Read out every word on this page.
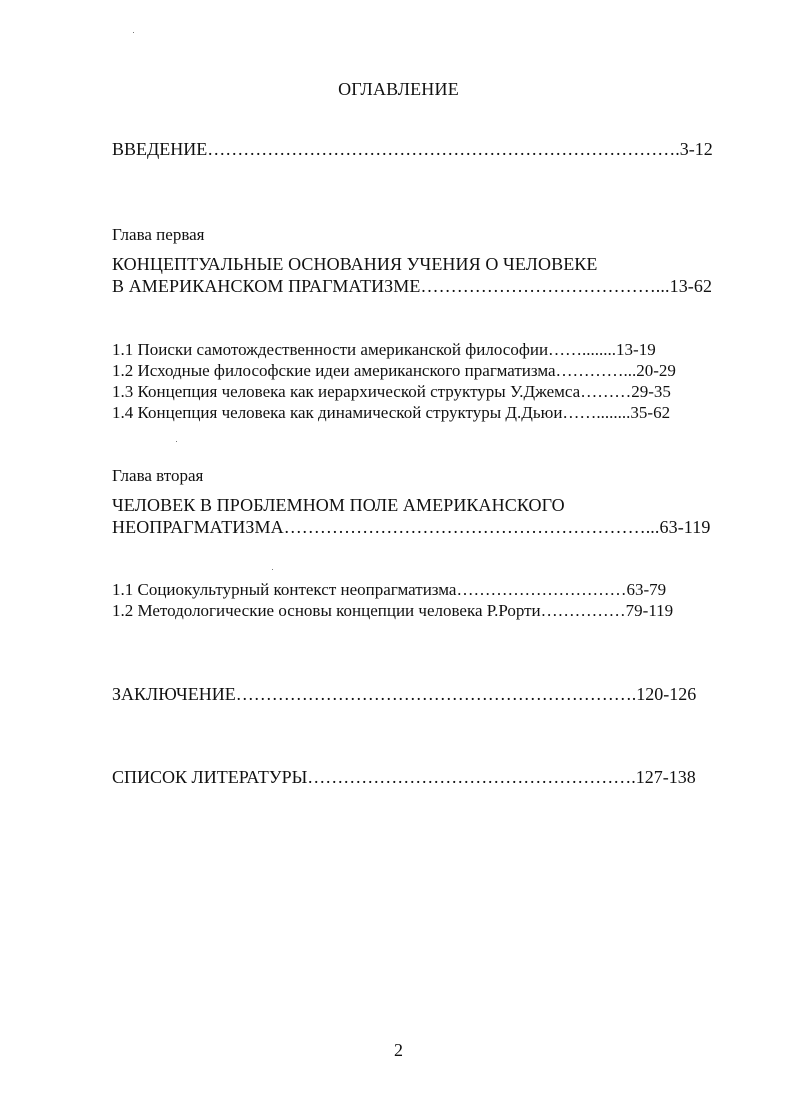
ОГЛАВЛЕНИЕ
ВВЕДЕНИЕ…………………………………………………………………….3-12
Глава первая
КОНЦЕПТУАЛЬНЫЕ ОСНОВАНИЯ УЧЕНИЯ О ЧЕЛОВЕКЕ
В АМЕРИКАНСКОМ ПРАГМАТИЗМЕ…………………………………...13-62
1.1 Поиски самотождественности американской философии……........13-19
1.2 Исходные философские идеи американского прагматизма…………...20-29
1.3 Концепция человека как иерархической структуры У.Джемса………29-35
1.4 Концепция человека как динамической структуры Д.Дьюи……........35-62
Глава вторая
ЧЕЛОВЕК В ПРОБЛЕМНОМ ПОЛЕ АМЕРИКАНСКОГО
НЕОПРАГМАТИЗМА……………………………………………………...63-119
1.1 Социокультурный контекст неопрагматизма…………………………63-79
1.2 Методологические основы концепции человека Р.Рорти……………79-119
ЗАКЛЮЧЕНИЕ………………………………………………………….120-126
СПИСОК ЛИТЕРАТУРЫ……………………………………………….127-138
2
